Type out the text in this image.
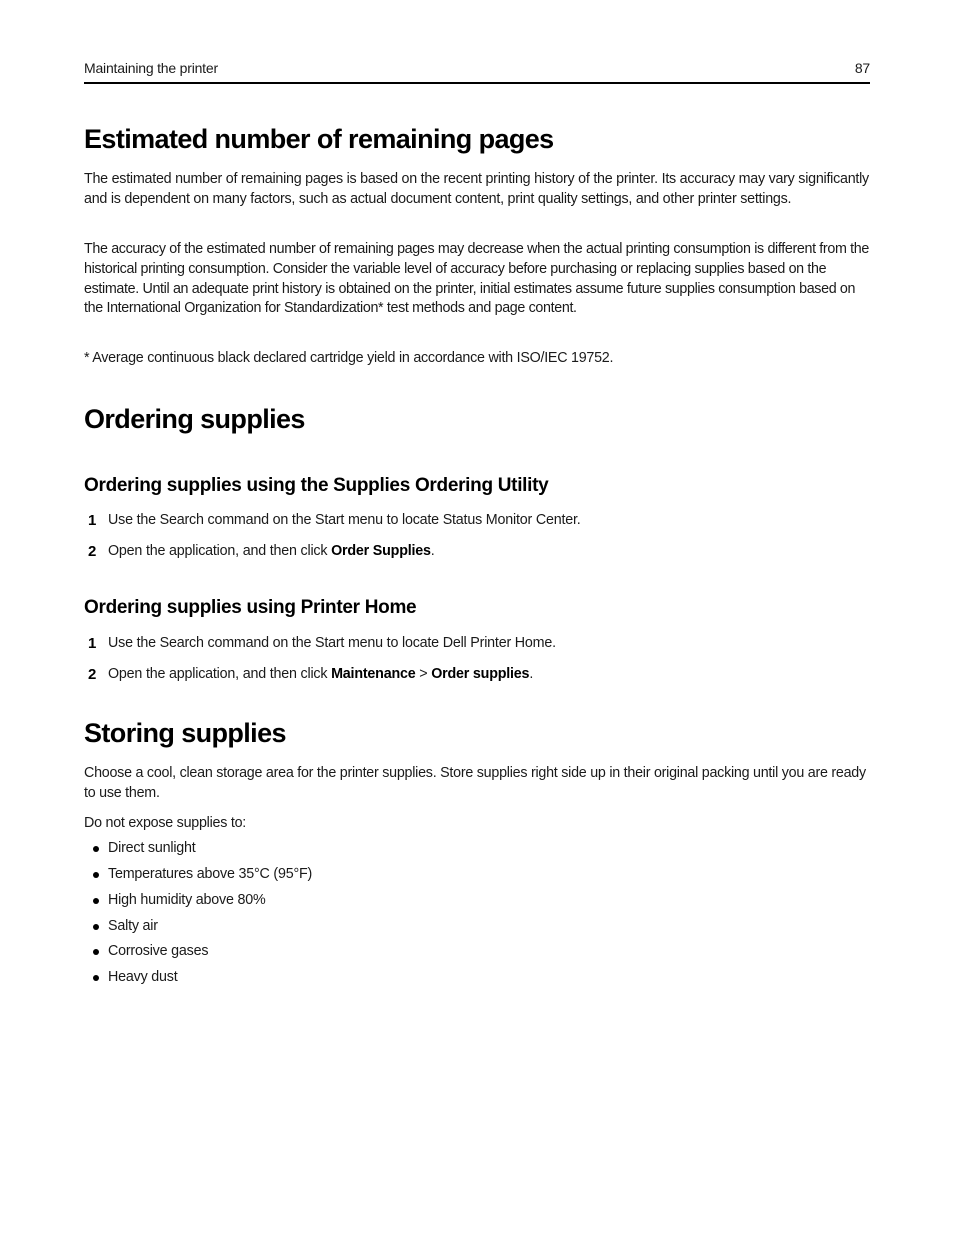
Maintaining the printer	87
Estimated number of remaining pages

The estimated number of remaining pages is based on the recent printing history of the printer. Its accuracy may vary significantly and is dependent on many factors, such as actual document content, print quality settings, and other printer settings.

The accuracy of the estimated number of remaining pages may decrease when the actual printing consumption is different from the historical printing consumption. Consider the variable level of accuracy before purchasing or replacing supplies based on the estimate. Until an adequate print history is obtained on the printer, initial estimates assume future supplies consumption based on the International Organization for Standardization* test methods and page content.

* Average continuous black declared cartridge yield in accordance with ISO/IEC 19752.

Ordering supplies
Ordering supplies using the Supplies Ordering Utility
1 Use the Search command on the Start menu to locate Status Monitor Center.
2 Open the application, and then click Order Supplies.
Ordering supplies using Printer Home
1 Use the Search command on the Start menu to locate Dell Printer Home.
2 Open the application, and then click Maintenance > Order supplies.
Storing supplies

Choose a cool, clean storage area for the printer supplies. Store supplies right side up in their original packing until you are ready to use them.

Do not expose supplies to:

Direct sunlight
Temperatures above 35°C (95°F)
High humidity above 80%
Salty air
Corrosive gases
Heavy dust
